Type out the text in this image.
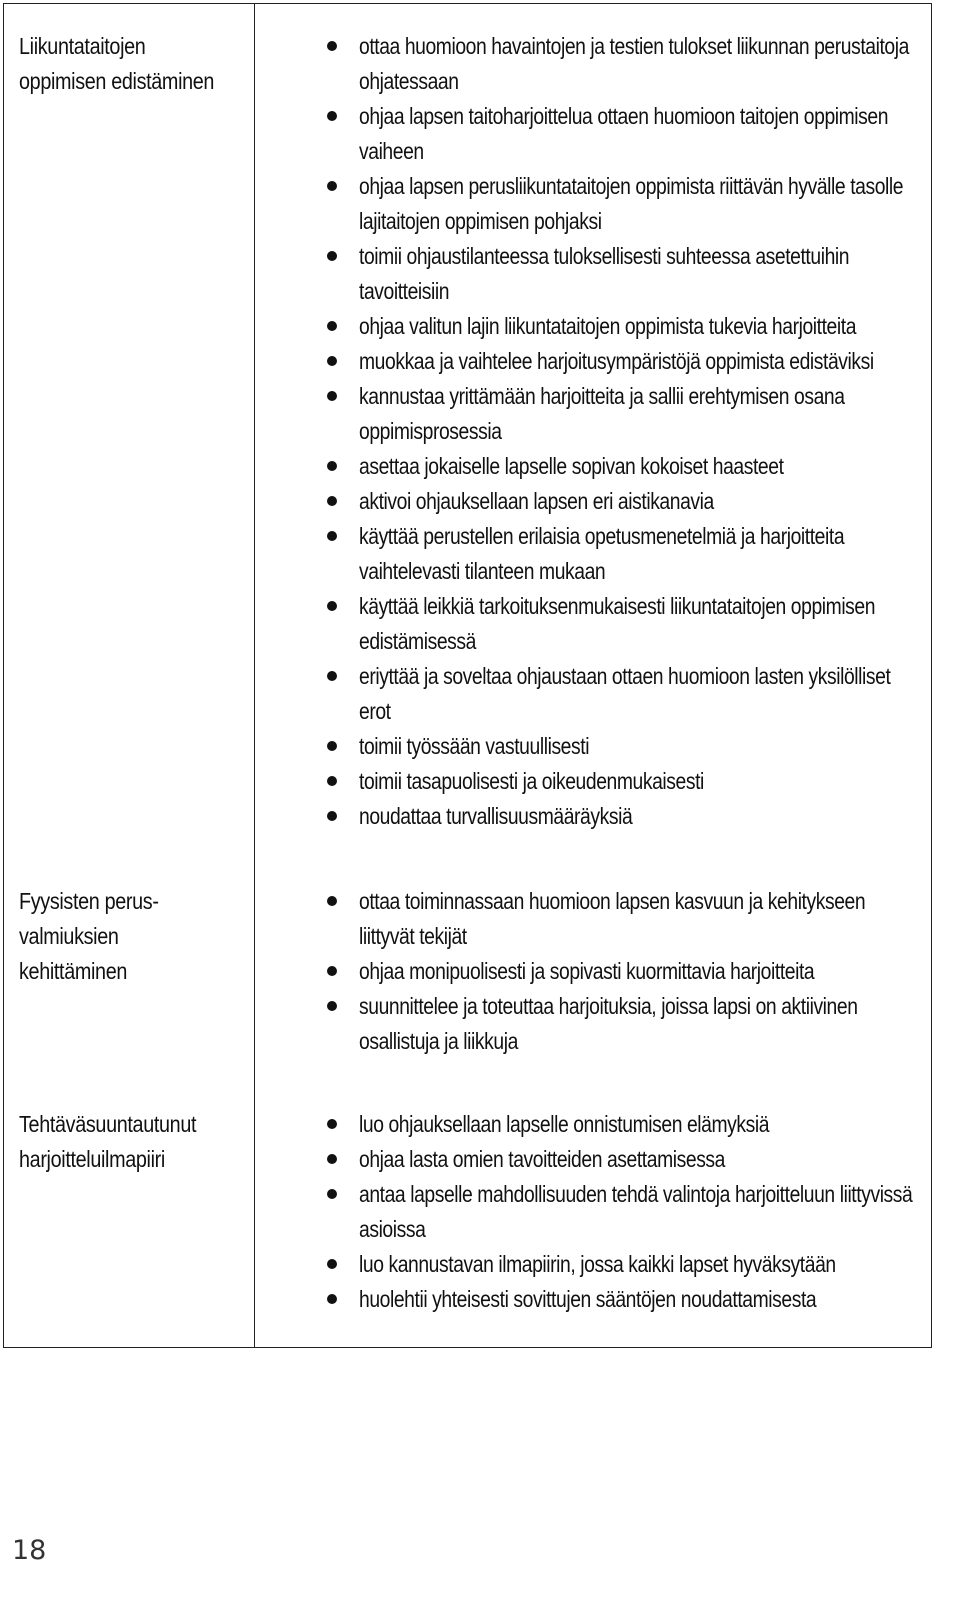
Liikuntataitojen
oppimisen edistäminen
ottaa huomioon havaintojen ja testien tulokset liikunnan perustaitoja
ohjatessaan
ohjaa lapsen taitoharjoittelua ottaen huomioon taitojen oppimisen
vaiheen
ohjaa lapsen perusliikuntataitojen oppimista riittävän hyvälle tasolle
lajitaitojen oppimisen pohjaksi
toimii ohjaustilanteessa tuloksellisesti suhteessa asetettuihin
tavoitteisiin
ohjaa valitun lajin liikuntataitojen oppimista tukevia harjoitteita
muokkaa ja vaihtelee harjoitusympäristöjä oppimista edistäviksi
kannustaa yrittämään harjoitteita ja sallii erehtymisen osana
oppimisprosessia
asettaa jokaiselle lapselle sopivan kokoiset haasteet
aktivoi ohjauksellaan lapsen eri aistikanavia
käyttää perustellen erilaisia opetusmenetelmiä ja harjoitteita
vaihtelevasti tilanteen mukaan
käyttää leikkiä tarkoituksenmukaisesti liikuntataitojen oppimisen
edistämisessä
eriyttää ja soveltaa ohjaustaan ottaen huomioon lasten yksilölliset
erot
toimii työssään vastuullisesti
toimii tasapuolisesti ja oikeudenmukaisesti
noudattaa turvallisuusmääräyksiä
Fyysisten perus-
valmiuksien kehittäminen
ottaa toiminnassaan huomioon lapsen kasvuun ja kehitykseen
liittyvät tekijät
ohjaa monipuolisesti ja sopivasti kuormittavia harjoitteita
suunnittelee ja toteuttaa harjoituksia, joissa lapsi on aktiivinen
osallistuja ja liikkuja
Tehtäväsuuntautunut
harjoitteluilmapiiri
luo ohjauksellaan lapselle onnistumisen elämyksiä
ohjaa lasta omien tavoitteiden asettamisessa
antaa lapselle mahdollisuuden tehdä valintoja harjoitteluun liittyvissä
asioissa
luo kannustavan ilmapiirin, jossa kaikki lapset hyväksytään
huolehtii yhteisesti sovittujen sääntöjen noudattamisesta
18
